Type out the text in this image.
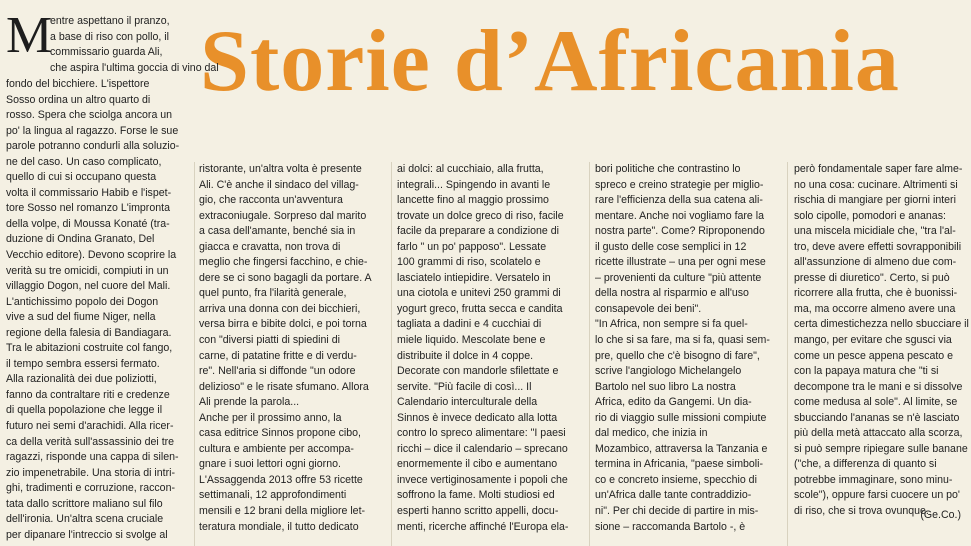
M Storie d’Africania
entre aspettano il pranzo,
a base di riso con pollo, il
commissario guarda Ali,
che aspira l'ultima goccia di vino dal
fondo del bicchiere. L'ispettore
Sosso ordina un altro quarto di
rosso. Spera che sciolga ancora un
po' la lingua al ragazzo. Forse le sue
parole potranno condurli alla soluzio-
ne del caso. Un caso complicato,
quello di cui si occupano questa
volta il commissario Habib e l'ispet-
tore Sosso nel romanzo L'impronta
della volpe, di Moussa Konaté (tra-
duzione di Ondina Granato, Del
Vecchio editore). Devono scoprire la
verità su tre omicidi, compiuti in un
villaggio Dogon, nel cuore del Mali.
L'antichissimo popolo dei Dogon
vive a sud del fiume Niger, nella
regione della falesia di Bandiagara.
Tra le abitazioni costruite col fango,
il tempo sembra essersi fermato.
Alla razionalità dei due poliziotti,
fanno da contraltare riti e credenze
di quella popolazione che legge il
futuro nei semi d'arachidi. Alla ricer-
ca della verità sull'assassinio dei tre
ragazzi, risponde una cappa di silen-
zio impenetrabile. Una storia di intri-
ghi, tradimenti e corruzione, raccon-
tata dallo scrittore maliano sul filo
dell'ironia. Un'altra scena cruciale
per dipanare l'intreccio si svolge al
ristorante, un'altra volta è presente
Ali. C'è anche il sindaco del villag-
gio, che racconta un'avventura
extraconiugale. Sorpreso dal marito
a casa dell'amante, benché sia in
giacca e cravatta, non trova di
meglio che fingersi facchino, e chie-
dere se ci sono bagagli da portare. A
quel punto, fra l'ilarità generale,
arriva una donna con dei bicchieri,
versa birra e bibite dolci, e poi torna
con "diversi piatti di spiedini di
carne, di patatine fritte e di verdu-
re". Nell'aria si diffonde "un odore
delizioso" e le risate sfumano. Allora
Ali prende la parola...
Anche per il prossimo anno, la
casa editrice Sinnos propone cibo,
cultura e ambiente per accompa-
gnare i suoi lettori ogni giorno.
L'Assaggenda 2013 offre 53 ricette
settimanali, 12 approfondimenti
mensili e 12 brani della migliore let-
teratura mondiale, il tutto dedicato
ai dolci: al cucchiaio, alla frutta,
integrali... Spingendo in avanti le
lancette fino al maggio prossimo
trovate un dolce greco di riso, facile
facile da preparare a condizione di
farlo " un po' papposo". Lessate
100 grammi di riso, scolatelo e
lasciatelo intiepidire. Versatelo in
una ciotola e unitevi 250 grammi di
yogurt greco, frutta secca e candita
tagliata a dadini e 4 cucchiai di
miele liquido. Mescolate bene e
distribuite il dolce in 4 coppe.
Decorate con mandorle sfilettate e
servite. "Più facile di così... Il
Calendario interculturale della
Sinnos è invece dedicato alla lotta
contro lo spreco alimentare: "I paesi
ricchi – dice il calendario – sprecano
enormemente il cibo e aumentano
invece vertiginosamente i popoli che
soffrono la fame. Molti studiosi ed
esperti hanno scritto appelli, docu-
menti, ricerche affinché l'Europa ela-
bori politiche che contrastino lo
spreco e creino strategie per miglio-
rare l'efficienza della sua catena ali-
mentare. Anche noi vogliamo fare la
nostra parte". Come? Riproponendo
il gusto delle cose semplici in 12
ricette illustrate – una per ogni mese
– provenienti da culture "più attente
della nostra al risparmio e all'uso
consapevole dei beni".
"In Africa, non sempre si fa quel-
lo che si sa fare, ma si fa, quasi sem-
pre, quello che c'è bisogno di fare",
scrive l'angiologo Michelangelo
Bartolo nel suo libro La nostra
Africa, edito da Gangemi. Un dia-
rio di viaggio sulle missioni compiute
dal medico, che inizia in
Mozambico, attraversa la Tanzania e
termina in Africania, "paese simboli-
co e concreto insieme, specchio di
un'Africa dalle tante contraddizio-
ni". Per chi decide di partire in mis-
sione – raccomanda Bartolo -, è
però fondamentale saper fare alme-
no una cosa: cucinare. Altrimenti si
rischia di mangiare per giorni interi
solo cipolle, pomodori e ananas:
una miscela micidiale che, "tra l'al-
tro, deve avere effetti sovrapponibili
all'assunzione di almeno due com-
presse di diuretico". Certo, si può
ricorrere alla frutta, che è buonissi-
ma, ma occorre almeno avere una
certa dimestichezza nello sbucciare il
mango, per evitare che sgusci via
come un pesce appena pescato e
con la papaya matura che "ti si
decompone tra le mani e si dissolve
come medusa al sole". Al limite, se
sbucciando l'ananas se n'è lasciato
più della metà attaccato alla scorza,
si può sempre ripiegare sulle banane
("che, a differenza di quanto si
potrebbe immaginare, sono minu-
scole"), oppure farsi cuocere un po'
di riso, che si trova ovunque.
(Ge.Co.)
